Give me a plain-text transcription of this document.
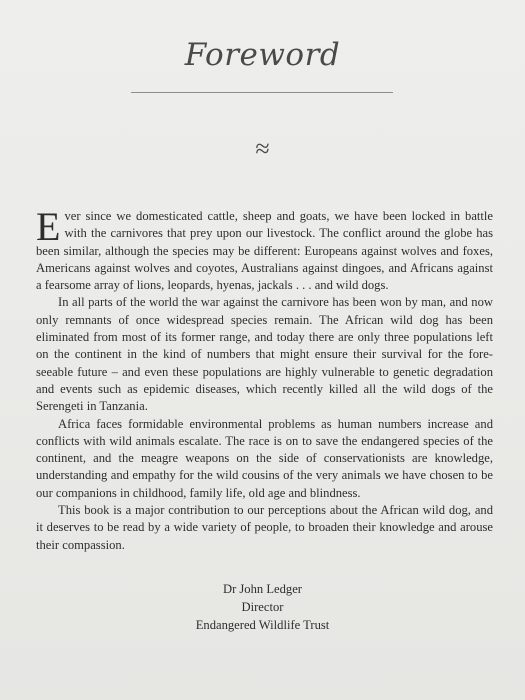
Foreword
≈

Ever since we domesticated cattle, sheep and goats, we have been locked in battle with the carnivores that prey upon our livestock. The conflict around the globe has been similar, although the species may be different: Europeans against wolves and foxes, Americans against wolves and coyotes, Australians against dingoes, and Africans against a fearsome array of lions, leopards, hyenas, jackals . . . and wild dogs.

In all parts of the world the war against the carnivore has been won by man, and now only remnants of once widespread species remain. The African wild dog has been eliminated from most of its former range, and today there are only three populations left on the continent in the kind of numbers that might ensure their survival for the fore-seeable future – and even these populations are highly vulnerable to genetic degradation and events such as epidemic diseases, which recently killed all the wild dogs of the Serengeti in Tanzania.

Africa faces formidable environmental problems as human numbers increase and conflicts with wild animals escalate. The race is on to save the endangered species of the continent, and the meagre weapons on the side of conservationists are knowledge, understanding and empathy for the wild cousins of the very animals we have chosen to be our companions in childhood, family life, old age and blindness.

This book is a major contribution to our perceptions about the African wild dog, and it deserves to be read by a wide variety of people, to broaden their knowledge and arouse their compassion.

Dr John Ledger
Director
Endangered Wildlife Trust
